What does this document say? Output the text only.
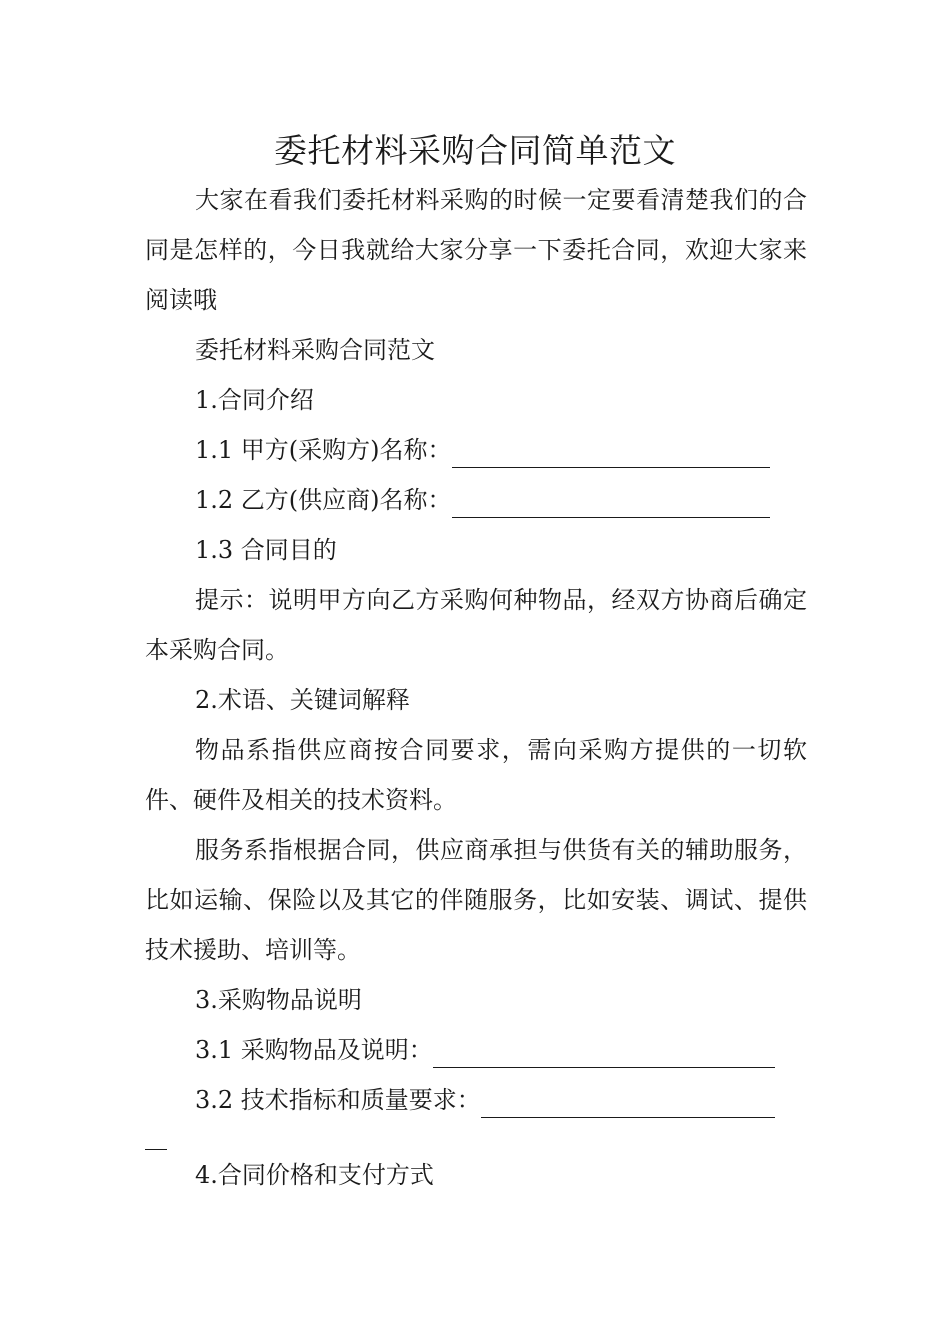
委托材料采购合同简单范文

大家在看我们委托材料采购的时候一定要看清楚我们的合同是怎样的，今日我就给大家分享一下委托合同，欢迎大家来阅读哦

委托材料采购合同范文

1.合同介绍

1.1 甲方(采购方)名称：

1.2 乙方(供应商)名称：

1.3 合同目的

提示：说明甲方向乙方采购何种物品，经双方协商后确定本采购合同。

2.术语、关键词解释

物品系指供应商按合同要求，需向采购方提供的一切软件、硬件及相关的技术资料。

服务系指根据合同，供应商承担与供货有关的辅助服务，比如运输、保险以及其它的伴随服务，比如安装、调试、提供技术援助、培训等。

3.采购物品说明

3.1 采购物品及说明：

3.2 技术指标和质量要求：

4.合同价格和支付方式
